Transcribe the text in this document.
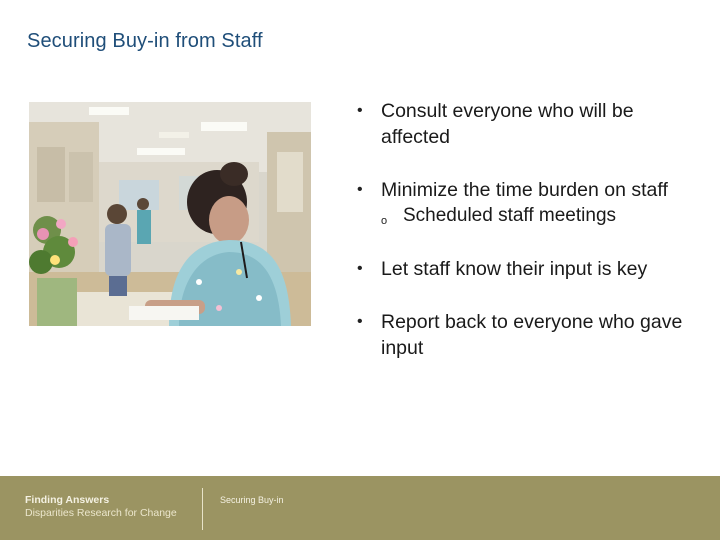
Securing Buy-in from Staff
• Consult everyone who will be affected
• Minimize the time burden on staff
o Scheduled staff meetings
• Let staff know their input is key
• Report back to everyone who gave input
Finding Answers
Disparities Research for Change
Securing Buy-in
